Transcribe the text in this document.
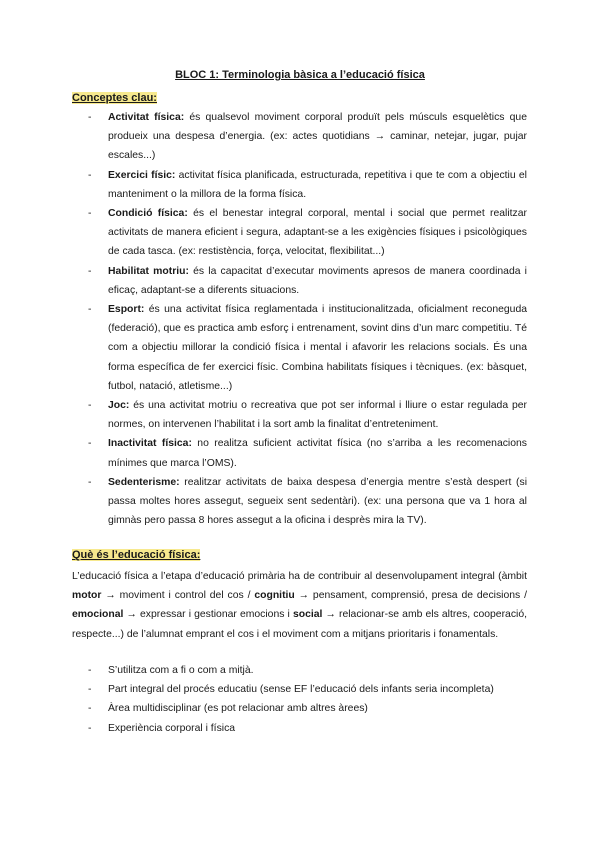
BLOC 1: Terminologia bàsica a l’educació física
Conceptes clau:
- Activitat física: és qualsevol moviment corporal produït pels músculs esquelètics que produeix una despesa d’energia. (ex: actes quotidians → caminar, netejar, jugar, pujar escales...)
- Exercici físic: activitat física planificada, estructurada, repetitiva i que te com a objectiu el manteniment o la millora de la forma física.
- Condició física: és el benestar integral corporal, mental i social que permet realitzar activitats de manera eficient i segura, adaptant-se a les exigències físiques i psicològiques de cada tasca. (ex: restistència, força, velocitat, flexibilitat...)
- Habilitat motriu: és la capacitat d’executar moviments apresos de manera coordinada i eficaç, adaptant-se a diferents situacions.
- Esport: és una activitat física reglamentada i institucionalitzada, oficialment reconeguda (federació), que es practica amb esforç i entrenament, sovint dins d’un marc competitiu. Té com a objectiu millorar la condició física i mental i afavorir les relacions socials. És una forma específica de fer exercici físic. Combina habilitats físiques i tècniques. (ex: bàsquet, futbol, natació, atletisme...)
- Joc: és una activitat motriu o recreativa que pot ser informal i lliure o estar regulada per normes, on intervenen l’habilitat i la sort amb la finalitat d’entreteniment.
- Inactivitat física: no realitza suficient activitat física (no s’arriba a les recomenacions mínimes que marca l’OMS).
- Sedenterisme: realitzar activitats de baixa despesa d’energia mentre s’està despert (si passa moltes hores assegut, segueix sent sedentàri). (ex: una persona que va 1 hora al gimnàs pero passa 8 hores assegut a la oficina i desprès mira la TV).
Què és l’educació física:
L’educació física a l’etapa d’educació primària ha de contribuir al desenvolupament integral (àmbit motor → moviment i control del cos / cognitiu → pensament, comprensió, presa de decisions / emocional → expressar i gestionar emocions i social → relacionar-se amb els altres, cooperació, respecte...) de l’alumnat emprant el cos i el moviment com a mitjans prioritaris i fonamentals.
- S’utilitza com a fi o com a mitjà.
- Part integral del procés educatiu (sense EF l’educació dels infants seria incompleta)
- Àrea multidisciplinar (es pot relacionar amb altres àrees)
- Experiència corporal i física
